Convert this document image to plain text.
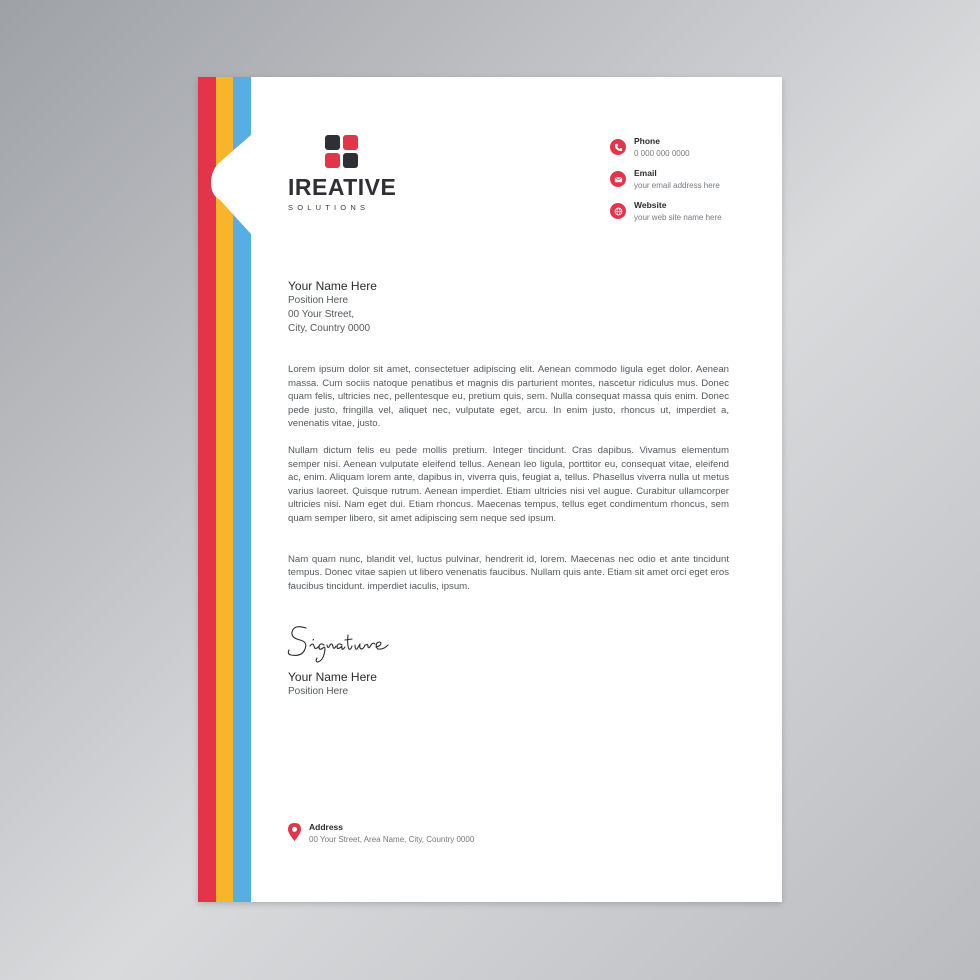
IREATIVE
SOLUTIONS
Phone
0 000 000 0000
Email
your email address here
Website
your web site name here
Your Name Here
Position Here
00 Your Street,
City, Country 0000

Lorem ipsum dolor sit amet, consectetuer adipiscing elit. Aenean commodo ligula eget dolor. Aenean massa. Cum sociis natoque penatibus et magnis dis parturient montes, nascetur ridiculus mus. Donec quam felis, ultricies nec, pellentesque eu, pretium quis, sem. Nulla consequat massa quis enim. Donec pede justo, fringilla vel, aliquet nec, vulputate eget, arcu. In enim justo, rhoncus ut, imperdiet a, venenatis vitae, justo.

Nullam dictum felis eu pede mollis pretium. Integer tincidunt. Cras dapibus. Vivamus elementum semper nisi. Aenean vulputate eleifend tellus. Aenean leo ligula, porttitor eu, consequat vitae, eleifend ac, enim. Aliquam lorem ante, dapibus in, viverra quis, feugiat a, tellus. Phasellus viverra nulla ut metus varius laoreet. Quisque rutrum. Aenean imperdiet. Etiam ultricies nisi vel augue. Curabitur ullamcorper ultricies nisi. Nam eget dui. Etiam rhoncus. Maecenas tempus, tellus eget condimentum rhoncus, sem quam semper libero, sit amet adipiscing sem neque sed ipsum.

Nam quam nunc, blandit vel, luctus pulvinar, hendrerit id, lorem. Maecenas nec odio et ante tincidunt tempus. Donec vitae sapien ut libero venenatis faucibus. Nullam quis ante. Etiam sit amet orci eget eros faucibus tincidunt. imperdiet iaculis, ipsum.

Your Name Here
Position Here
Address
00 Your Street, Area Name, City, Country 0000
